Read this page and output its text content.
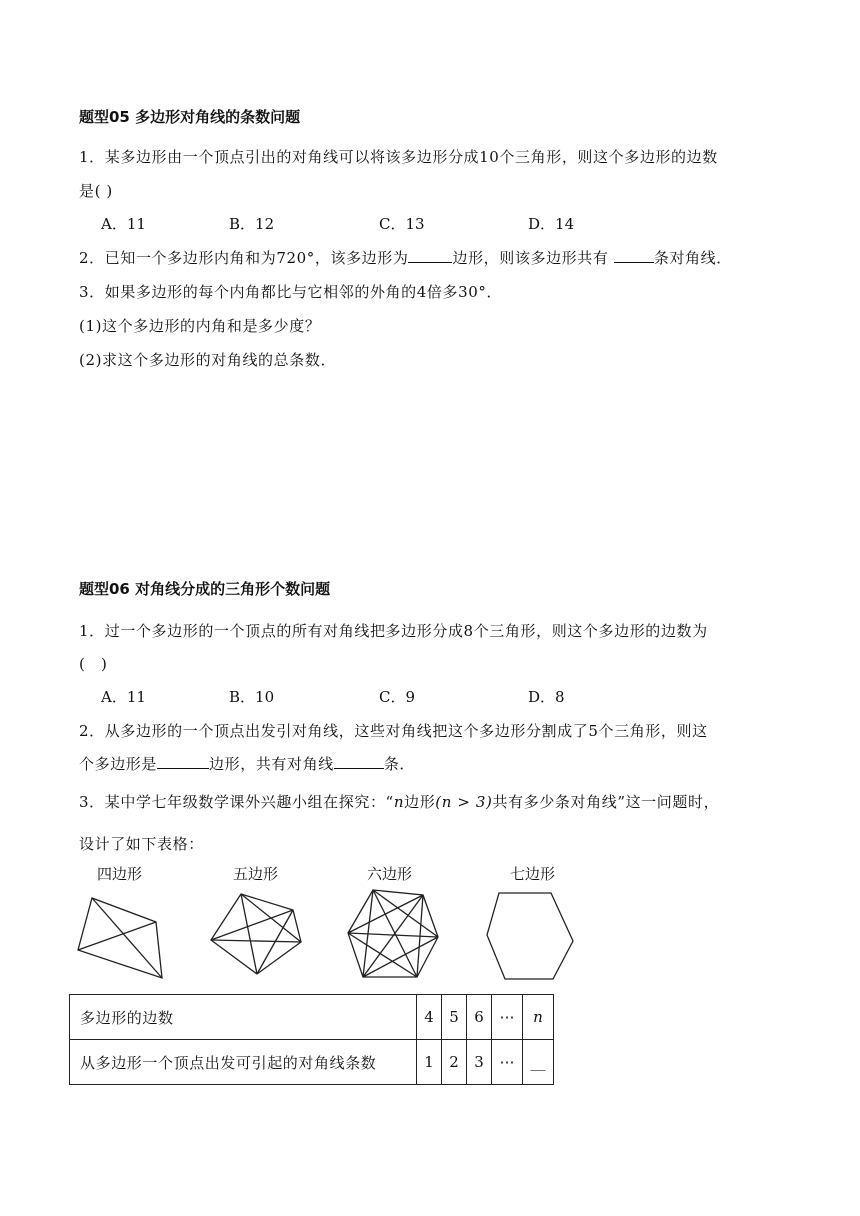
题型05 多边形对角线的条数问题
1．某多边形由一个顶点引出的对角线可以将该多边形分成10个三角形，则这个多边形的边数
是( )
A．11	B．12	C．13	D．14
2．已知一个多边形内角和为720°，该多边形为	边形，则该多边形共有	条对角线．
3．如果多边形的每个内角都比与它相邻的外角的4倍多30°．
(1)这个多边形的内角和是多少度？
(2)求这个多边形的对角线的总条数．
题型06 对角线分成的三角形个数问题
1．过一个多边形的一个顶点的所有对角线把多边形分成8个三角形，则这个多边形的边数为
(　)
A．11	B．10	C．9	D．8
2．从多边形的一个顶点出发引对角线，这些对角线把这个多边形分割成了5个三角形，则这
个多边形是	边形，共有对角线	条．
3．某中学七年级数学课外兴趣小组在探究：“n边形(n > 3)共有多少条对角线”这一问题时，
设计了如下表格：
四边形	五边形	六边形	七边形
多边形的边数	4	5	6	⋯	n
从多边形一个顶点出发可引起的对角线条数	1	2	3	⋯	__
